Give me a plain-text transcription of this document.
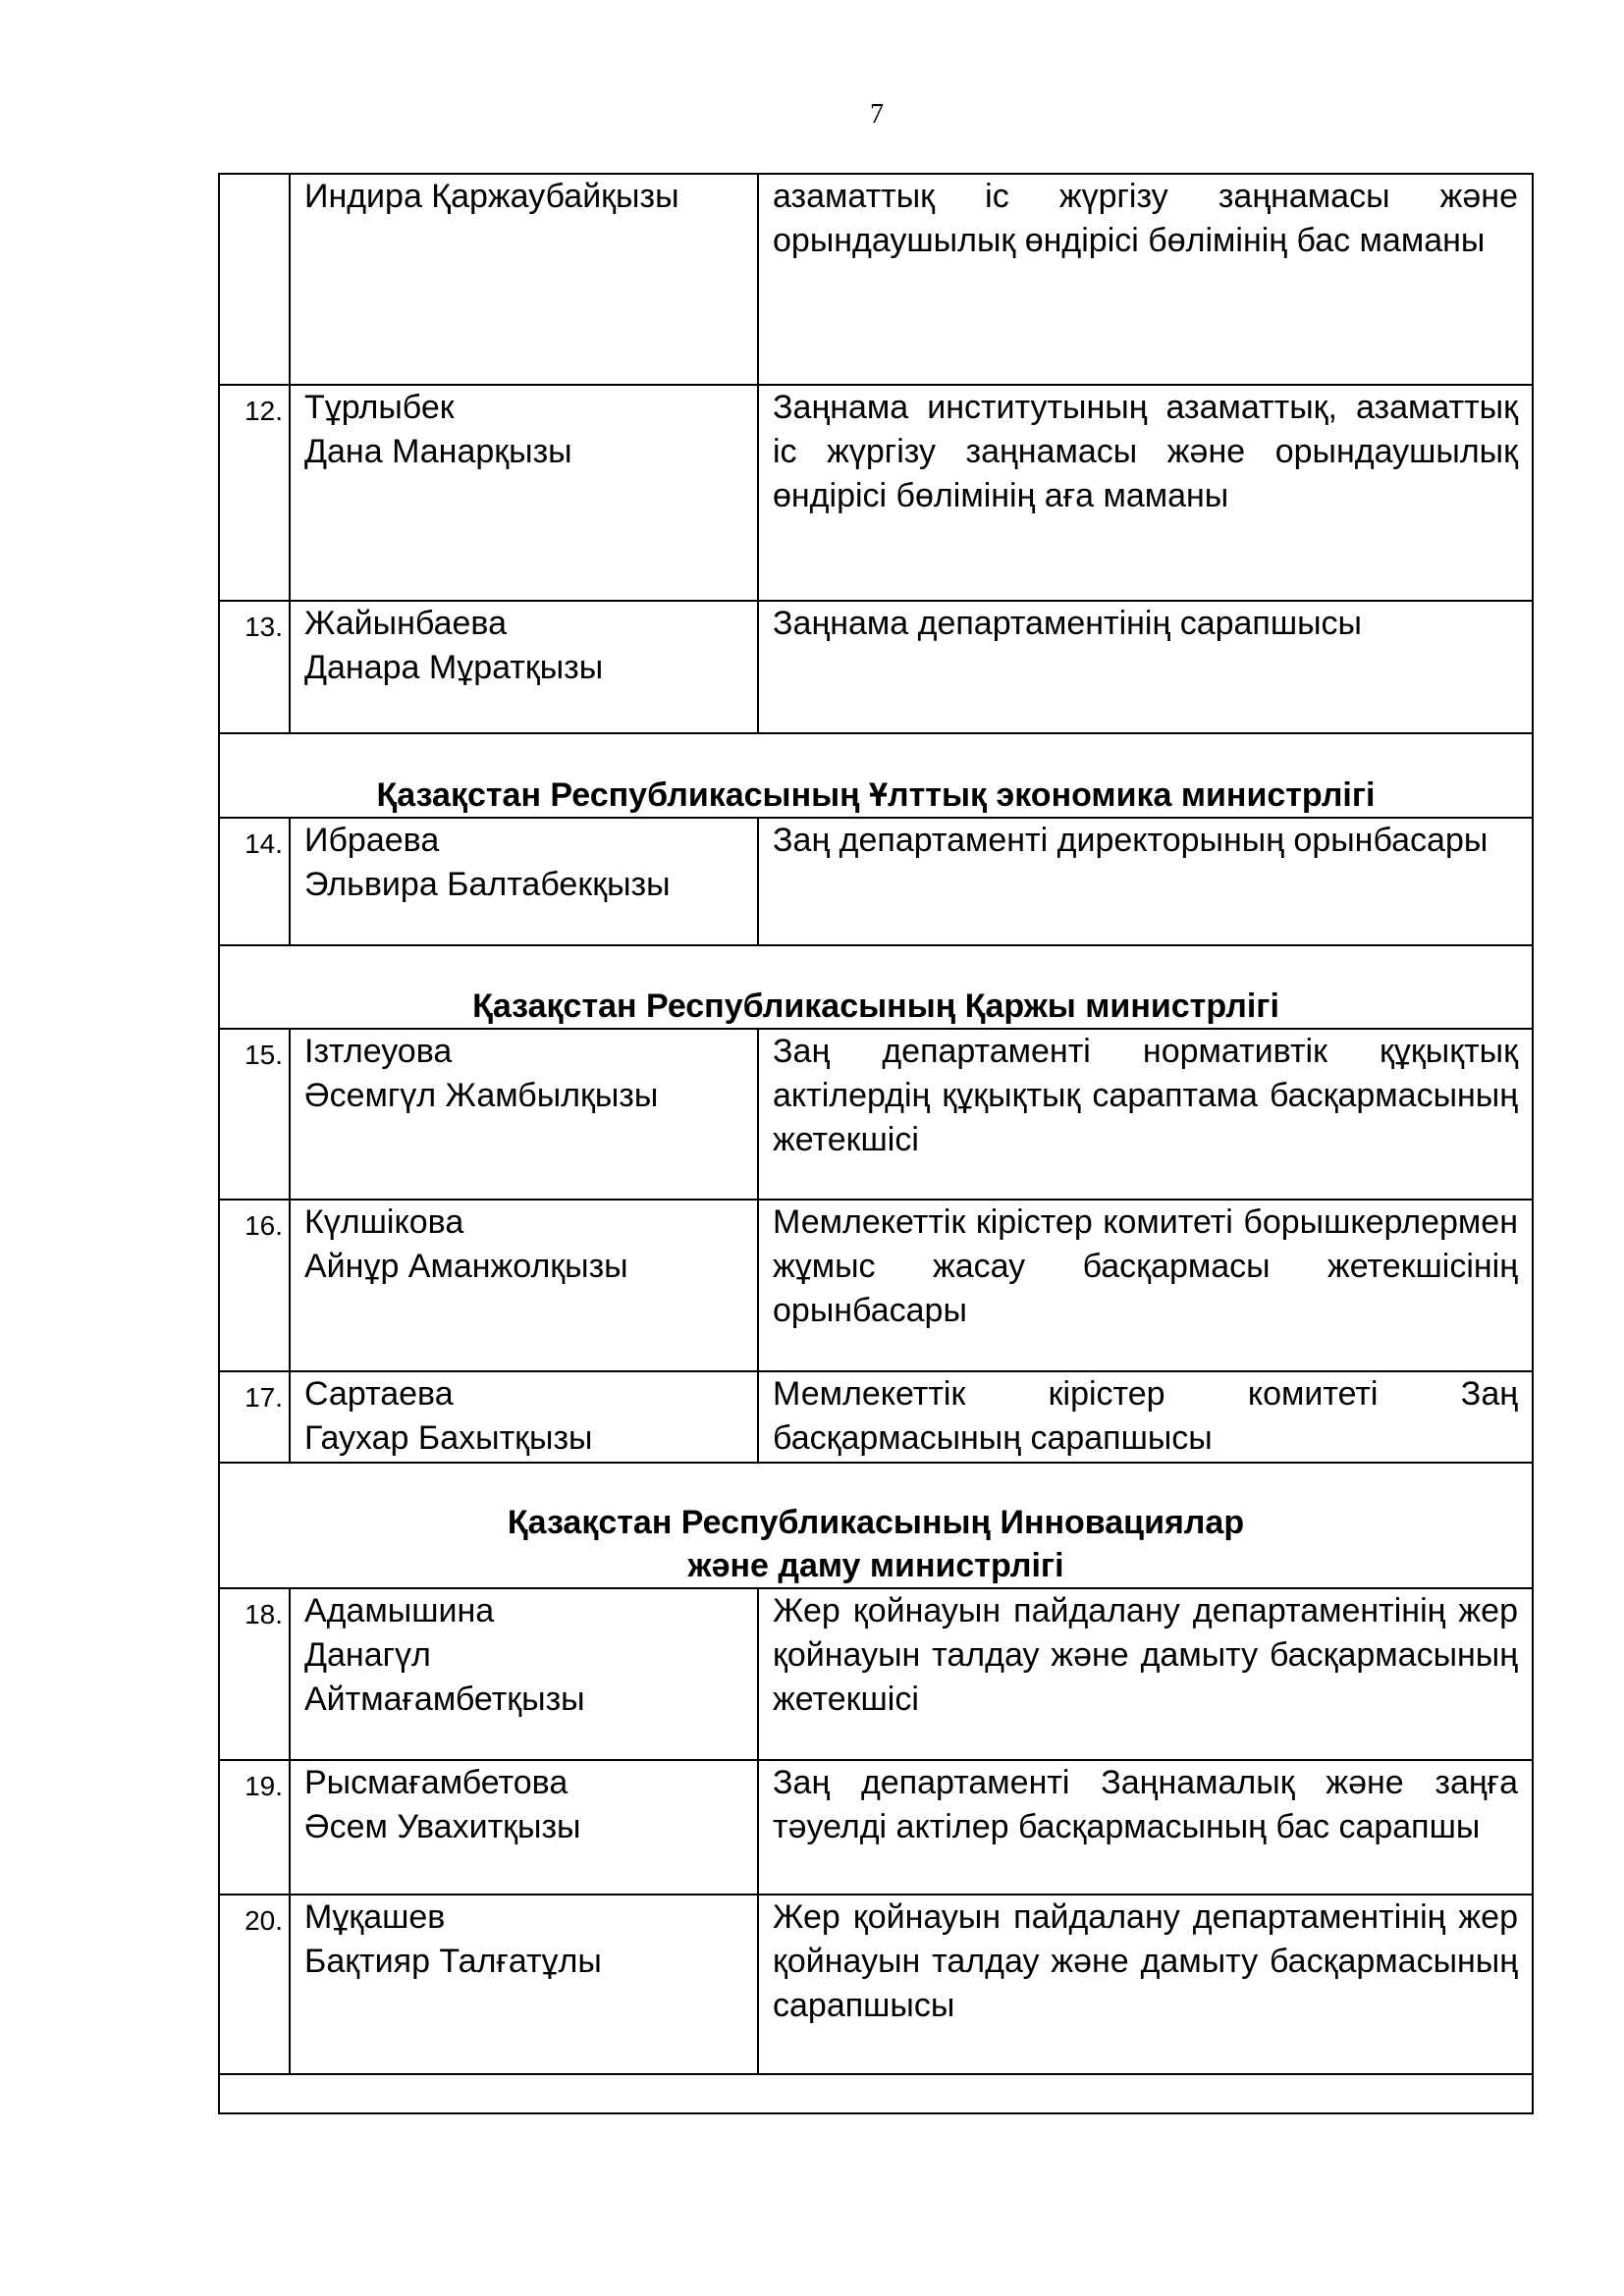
7
Индира Қаржаубайқызы	азаматтық іс жүргізу заңнамасы және орындаушылық өндірісі бөлімінің бас маманы
12. Тұрлыбек
Дана Манарқызы
Заңнама институтының азаматтық, азаматтық іс жүргізу заңнамасы және орындаушылық өндірісі бөлімінің аға маманы
13. Жайынбаева
Данара Мұратқызы
Заңнама департаментінің сарапшысы
Қазақстан Республикасының Ұлттық экономика министрлігі
14. Ибраева
Эльвира Балтабекқызы
Заң департаменті директорының орынбасары
Қазақстан Республикасының Қаржы министрлігі
15. Ізтлеуова
Әсемгүл Жамбылқызы
Заң департаменті нормативтік құқықтық актілердің құқықтық сараптама басқармасының жетекшісі
16. Күлшікова
Айнұр Аманжолқызы
Мемлекеттік кірістер комитеті борышкерлермен жұмыс жасау басқармасы жетекшісінің орынбасары
17. Сартаева
Гаухар Бахытқызы
Мемлекеттік кірістер комитеті Заң басқармасының сарапшысы
Қазақстан Республикасының Инновациялар
және даму министрлігі
18. Адамышина
Данагүл
Айтмағамбетқызы
Жер қойнауын пайдалану департаментінің жер қойнауын талдау және дамыту басқармасының жетекшісі
19. Рысмағамбетова
Әсем Увахитқызы
Заң департаменті Заңнамалық және заңға тәуелді актілер басқармасының бас сарапшы
20. Мұқашев
Бақтияр Талғатұлы
Жер қойнауын пайдалану департаментінің жер қойнауын талдау және дамыту басқармасының сарапшысы
